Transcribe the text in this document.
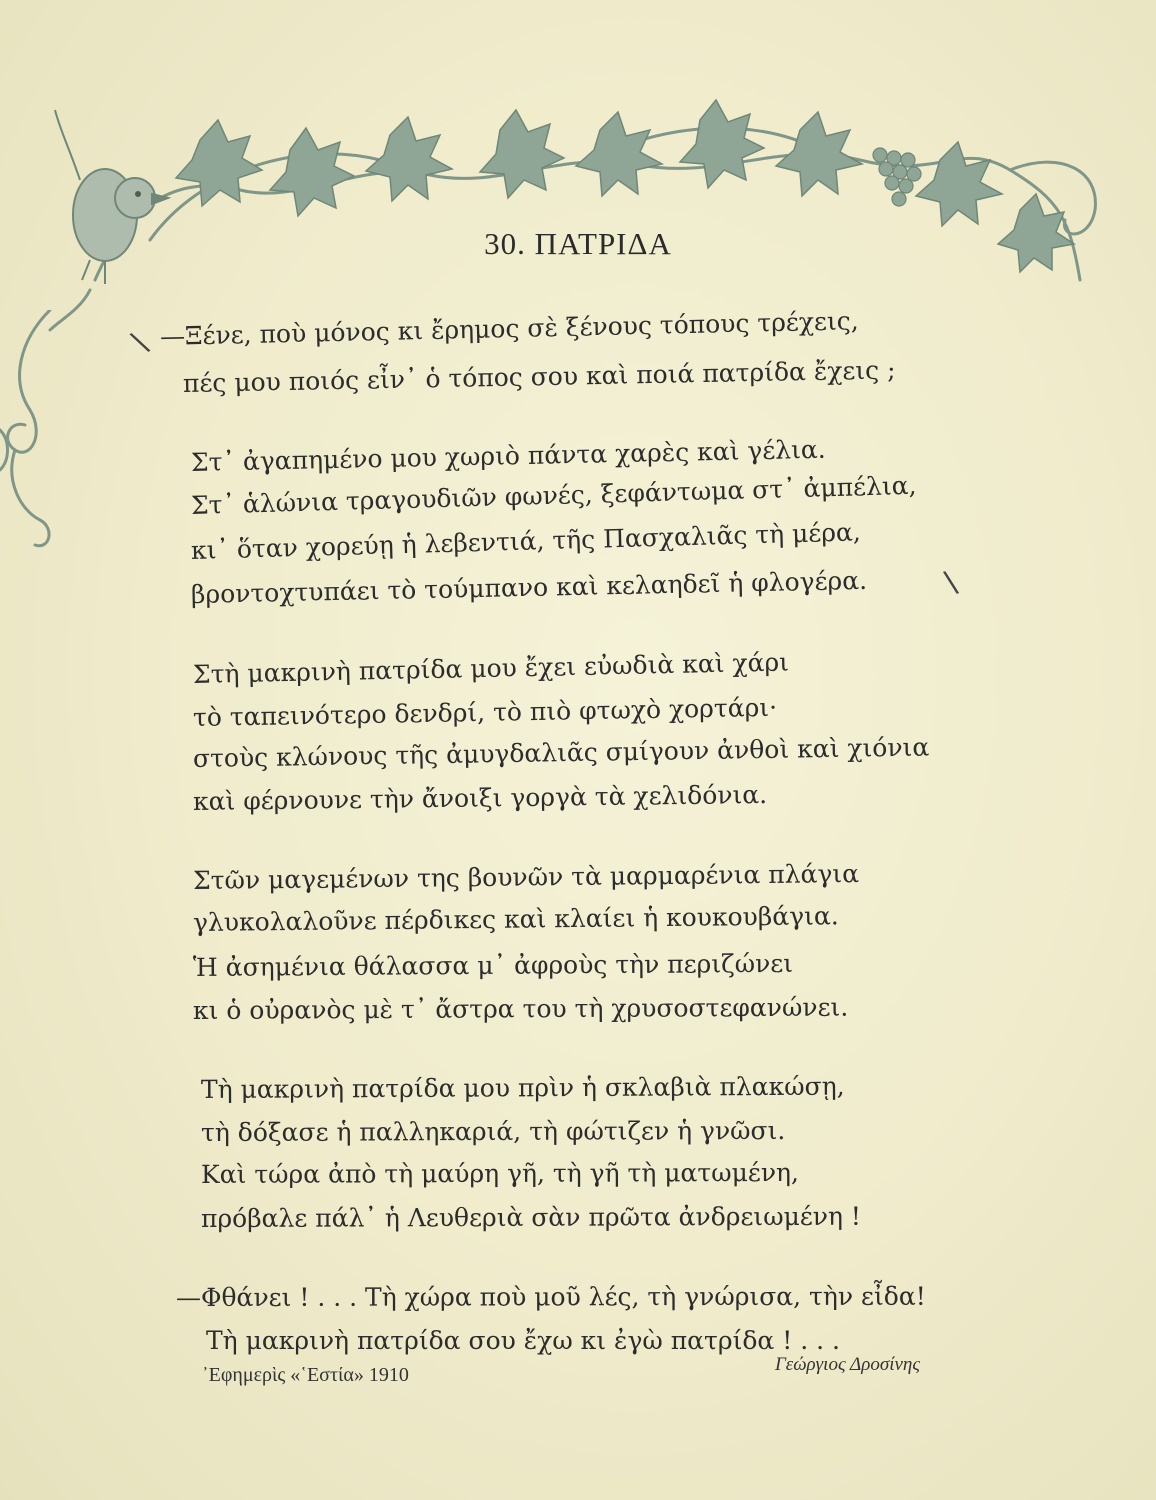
30. ΠΑΤΡΙΔΑ
—Ξένε, ποὺ μόνος κι ἔρημος σὲ ξένους τόπους τρέχεις,
πές μου ποιός εἶν᾽ ὁ τόπος σου καὶ ποιά πατρίδα ἔχεις ;
Στ᾽ ἀγαπημένο μου χωριὸ πάντα χαρὲς καὶ γέλια.
Στ᾽ ἁλώνια τραγουδιῶν φωνές, ξεφάντωμα στ᾽ ἀμπέλια,
κι᾽ ὅταν χορεύῃ ἡ λεβεντιά, τῆς Πασχαλιᾶς τὴ μέρα,
βροντοχτυπάει τὸ τούμπανο καὶ κελαηδεῖ ἡ φλογέρα.
Στὴ μακρινὴ πατρίδα μου ἔχει εὐωδιὰ καὶ χάρι
τὸ ταπεινότερο δενδρί, τὸ πιὸ φτωχὸ χορτάρι·
στοὺς κλώνους τῆς ἀμυγδαλιᾶς σμίγουν ἀνθοὶ καὶ χιόνια
καὶ φέρνουνε τὴν ἄνοιξι γοργὰ τὰ χελιδόνια.
Στῶν μαγεμένων της βουνῶν τὰ μαρμαρένια πλάγια
γλυκολαλοῦνε πέρδικες καὶ κλαίει ἡ κουκουβάγια.
Ἡ ἀσημένια θάλασσα μ᾽ ἀφροὺς τὴν περιζώνει
κι ὁ οὐρανὸς μὲ τ᾽ ἄστρα του τὴ χρυσοστεφανώνει.
Τὴ μακρινὴ πατρίδα μου πρὶν ἡ σκλαβιὰ πλακώσῃ,
τὴ δόξασε ἡ παλληκαριά, τὴ φώτιζεν ἡ γνῶσι.
Καὶ τώρα ἀπὸ τὴ μαύρη γῆ, τὴ γῆ τὴ ματωμένη,
πρόβαλε πάλ᾽ ἡ Λευθεριὰ σὰν πρῶτα ἀνδρειωμένη !
—Φθάνει ! . . . Τὴ χώρα ποὺ μοῦ λές, τὴ γνώρισα, τὴν εἶδα!
Τὴ μακρινὴ πατρίδα σου ἔχω κι ἐγὼ πατρίδα ! . . .
\
\
᾽Εφημερὶς «῾Εστία» 1910	Γεώργιος Δροσίνης
